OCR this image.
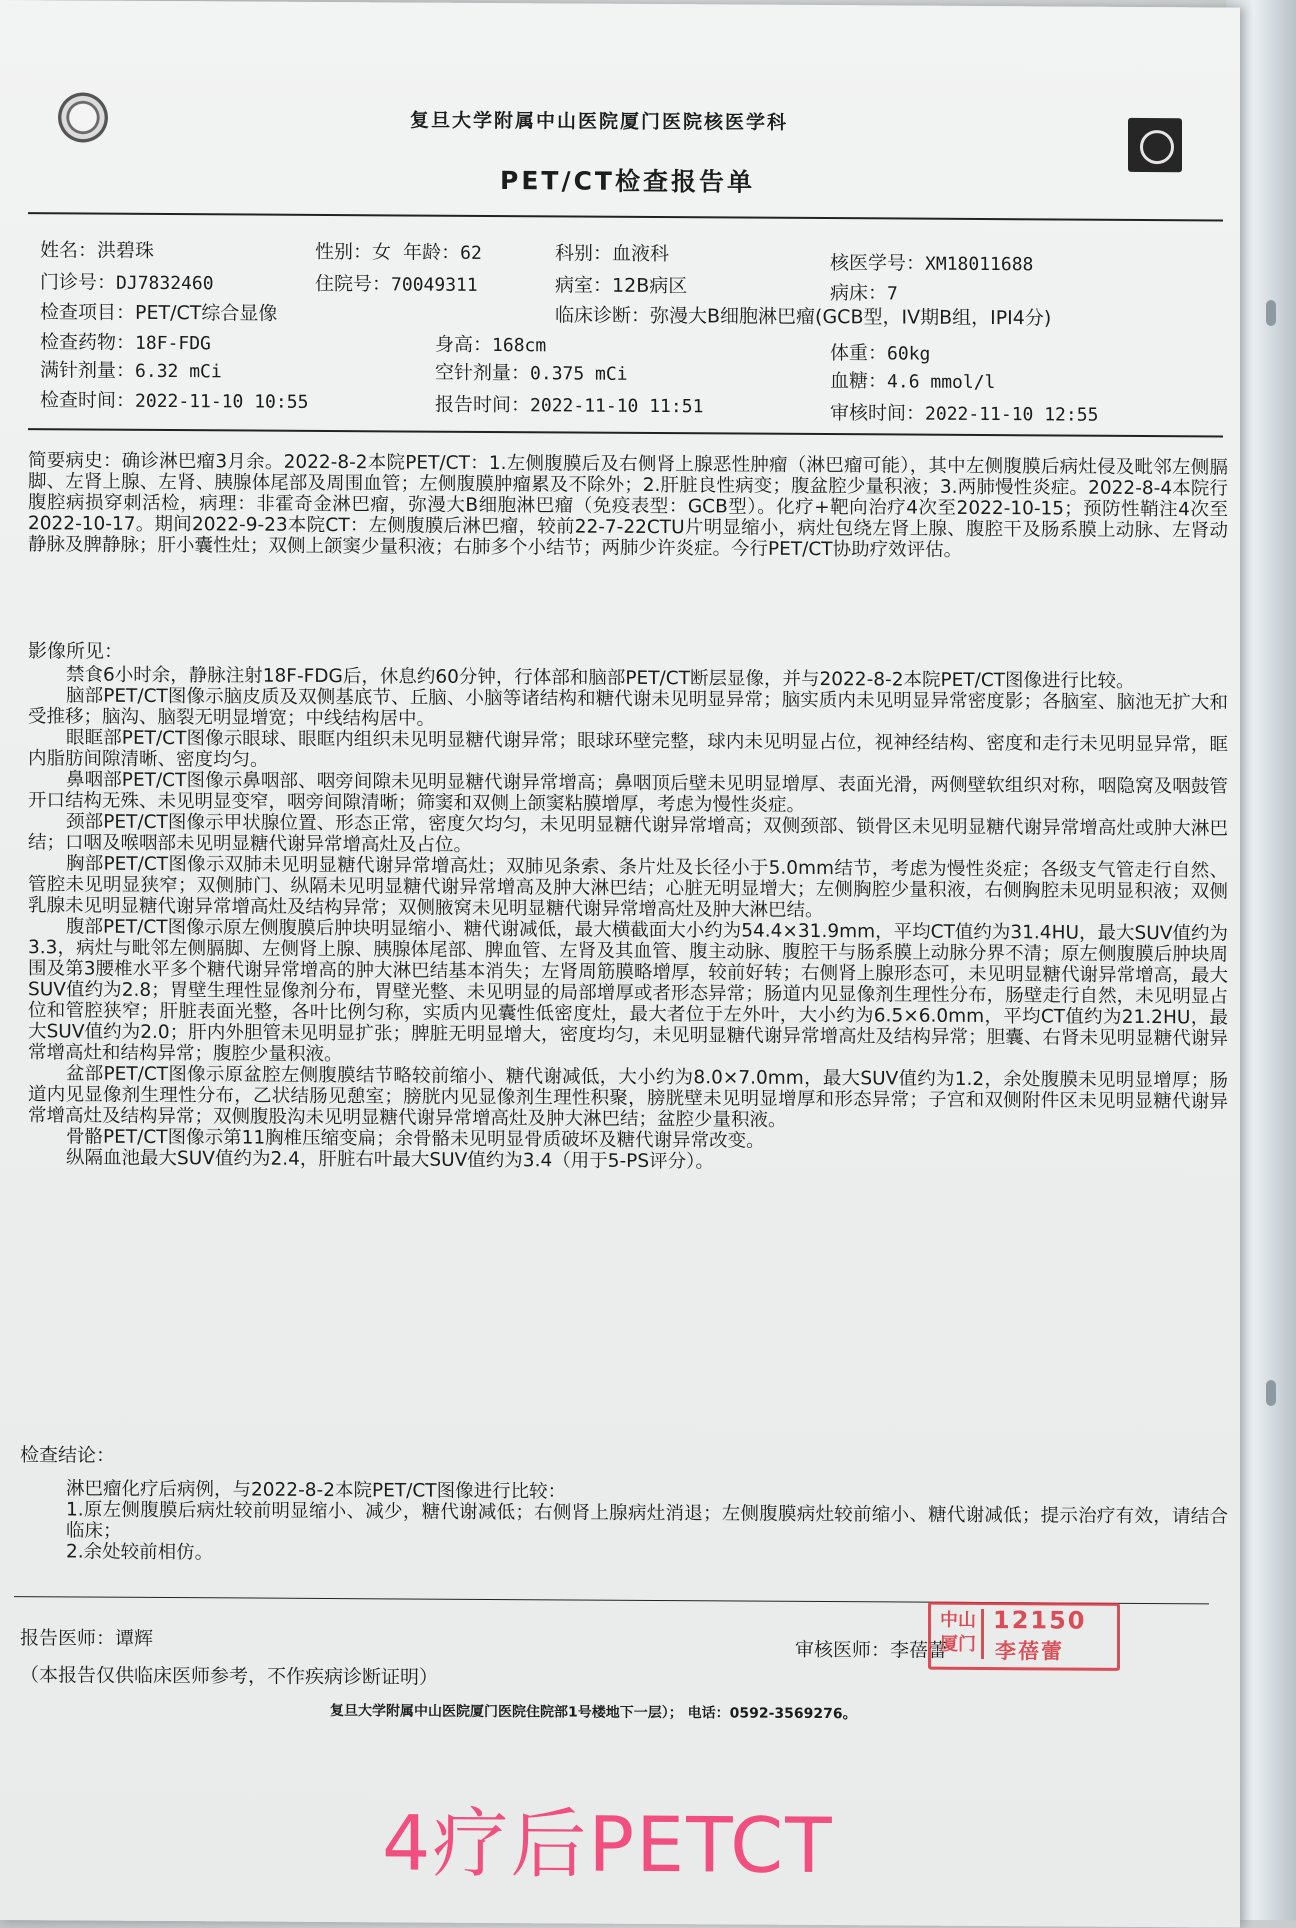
复旦大学附属中山医院厦门医院核医学科
PET/CT检查报告单
姓名：洪碧珠	性别：女 年龄：62	科别：血液科	核医学号：XM18011688
门诊号：DJ7832460	住院号：70049311	病室：12B病区	病床：7
检查项目：PET/CT综合显像	临床诊断：弥漫大B细胞淋巴瘤(GCB型，IV期B组，IPI4分)
检查药物：18F-FDG	身高：168cm	体重：60kg
满针剂量：6.32 mCi	空针剂量：0.375 mCi	血糖：4.6 mmol/l
检查时间：2022-11-10 10:55	报告时间：2022-11-10 11:51	审核时间：2022-11-10 12:55

简要病史：确诊淋巴瘤3月余。2022-8-2本院PET/CT：1.左侧腹膜后及右侧肾上腺恶性肿瘤（淋巴瘤可能），其中左侧腹膜后病灶侵及毗邻左侧膈脚、左肾上腺、左肾、胰腺体尾部及周围血管；左侧腹膜肿瘤累及不除外；2.肝脏良性病变；腹盆腔少量积液；3.两肺慢性炎症。2022-8-4本院行腹腔病损穿刺活检，病理：非霍奇金淋巴瘤，弥漫大B细胞淋巴瘤（免疫表型：GCB型）。化疗+靶向治疗4次至2022-10-15；预防性鞘注4次至2022-10-17。期间2022-9-23本院CT：左侧腹膜后淋巴瘤，较前22-7-22CTU片明显缩小，病灶包绕左肾上腺、腹腔干及肠系膜上动脉、左肾动静脉及脾静脉；肝小囊性灶；双侧上颌窦少量积液；右肺多个小结节；两肺少许炎症。今行PET/CT协助疗效评估。

影像所见：

禁食6小时余，静脉注射18F-FDG后，休息约60分钟，行体部和脑部PET/CT断层显像，并与2022-8-2本院PET/CT图像进行比较。

脑部PET/CT图像示脑皮质及双侧基底节、丘脑、小脑等诸结构和糖代谢未见明显异常；脑实质内未见明显异常密度影；各脑室、脑池无扩大和受推移；脑沟、脑裂无明显增宽；中线结构居中。

眼眶部PET/CT图像示眼球、眼眶内组织未见明显糖代谢异常；眼球环壁完整，球内未见明显占位，视神经结构、密度和走行未见明显异常，眶内脂肪间隙清晰、密度均匀。

鼻咽部PET/CT图像示鼻咽部、咽旁间隙未见明显糖代谢异常增高；鼻咽顶后壁未见明显增厚、表面光滑，两侧壁软组织对称，咽隐窝及咽鼓管开口结构无殊、未见明显变窄，咽旁间隙清晰；筛窦和双侧上颌窦粘膜增厚，考虑为慢性炎症。

颈部PET/CT图像示甲状腺位置、形态正常，密度欠均匀，未见明显糖代谢异常增高；双侧颈部、锁骨区未见明显糖代谢异常增高灶或肿大淋巴结；口咽及喉咽部未见明显糖代谢异常增高灶及占位。

胸部PET/CT图像示双肺未见明显糖代谢异常增高灶；双肺见条索、条片灶及长径小于5.0mm结节，考虑为慢性炎症；各级支气管走行自然、管腔未见明显狭窄；双侧肺门、纵隔未见明显糖代谢异常增高及肿大淋巴结；心脏无明显增大；左侧胸腔少量积液，右侧胸腔未见明显积液；双侧乳腺未见明显糖代谢异常增高灶及结构异常；双侧腋窝未见明显糖代谢异常增高灶及肿大淋巴结。

腹部PET/CT图像示原左侧腹膜后肿块明显缩小、糖代谢减低，最大横截面大小约为54.4×31.9mm，平均CT值约为31.4HU，最大SUV值约为3.3，病灶与毗邻左侧膈脚、左侧肾上腺、胰腺体尾部、脾血管、左肾及其血管、腹主动脉、腹腔干与肠系膜上动脉分界不清；原左侧腹膜后肿块周围及第3腰椎水平多个糖代谢异常增高的肿大淋巴结基本消失；左肾周筋膜略增厚，较前好转；右侧肾上腺形态可，未见明显糖代谢异常增高，最大SUV值约为2.8；胃壁生理性显像剂分布，胃壁光整、未见明显的局部增厚或者形态异常；肠道内见显像剂生理性分布，肠壁走行自然，未见明显占位和管腔狭窄；肝脏表面光整，各叶比例匀称，实质内见囊性低密度灶，最大者位于左外叶，大小约为6.5×6.0mm，平均CT值约为21.2HU，最大SUV值约为2.0；肝内外胆管未见明显扩张；脾脏无明显增大，密度均匀，未见明显糖代谢异常增高灶及结构异常；胆囊、右肾未见明显糖代谢异常增高灶和结构异常；腹腔少量积液。

盆部PET/CT图像示原盆腔左侧腹膜结节略较前缩小、糖代谢减低，大小约为8.0×7.0mm，最大SUV值约为1.2，余处腹膜未见明显增厚；肠道内见显像剂生理性分布，乙状结肠见憩室；膀胱内见显像剂生理性积聚，膀胱壁未见明显增厚和形态异常；子宫和双侧附件区未见明显糖代谢异常增高灶及结构异常；双侧腹股沟未见明显糖代谢异常增高灶及肿大淋巴结；盆腔少量积液。

骨骼PET/CT图像示第11胸椎压缩变扁；余骨骼未见明显骨质破坏及糖代谢异常改变。

纵隔血池最大SUV值约为2.4，肝脏右叶最大SUV值约为3.4（用于5-PS评分）。

检查结论：

淋巴瘤化疗后病例，与2022-8-2本院PET/CT图像进行比较：

1.原左侧腹膜后病灶较前明显缩小、减少，糖代谢减低；右侧肾上腺病灶消退；左侧腹膜病灶较前缩小、糖代谢减低；提示治疗有效，请结合临床；

2.余处较前相仿。

报告医师：谭辉
审核医师：李蓓蕾
（本报告仅供临床医师参考，不作疾病诊断证明）
中山厦门
12150
李蓓蕾
复旦大学附属中山医院厦门医院住院部1号楼地下一层）； 电话：0592-3569276。
4疗后PETCT
